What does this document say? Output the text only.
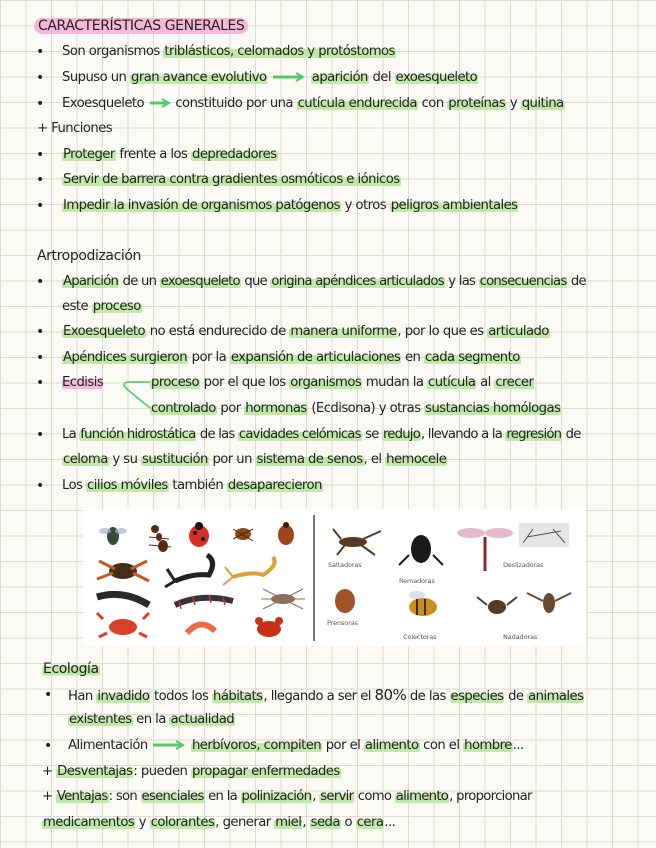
CARACTERÍSTICAS GENERALES
• Son organismos triblásticos, celomados y protóstomos
• Supuso un gran avance evolutivo	aparición del exoesqueleto
• Exoesqueleto constituido por una cutícula endurecida con proteínas y quitina
+ Funciones
• Proteger frente a los depredadores
• Servir de barrera contra gradientes osmóticos e iónicos
• Impedir la invasión de organismos patógenos y otros peligros ambientales
Artropodización
• Aparición de un exoesqueleto que origina apéndices articulados y las consecuencias de
este proceso
• Exoesqueleto no está endurecido de manera uniforme, por lo que es articulado
• Apéndices surgieron por la expansión de articulaciones en cada segmento
• Ecdisis	proceso por el que los organismos mudan la cutícula al crecer
controlado por hormonas (Ecdisona) y otras sustancias homólogas
• La función hidrostática de las cavidades celómicas se redujo, llevando a la regresión de
celoma y su sustitución por un sistema de senos, el hemocele
• Los cilios móviles también desaparecieron
Saltadoras
Remadoras
Deslizadoras
Prensoras
Colectoras	Nadadoras
Ecología
• Han invadido todos los hábitats, llegando a ser el 80% de las especies de animales
existentes en la actualidad
• Alimentación	herbívoros, compiten por el alimento con el hombre...
+ Desventajas: pueden propagar enfermedades
+ Ventajas: son esenciales en la polinización, servir como alimento, proporcionar
medicamentos y colorantes, generar miel, seda o cera...
